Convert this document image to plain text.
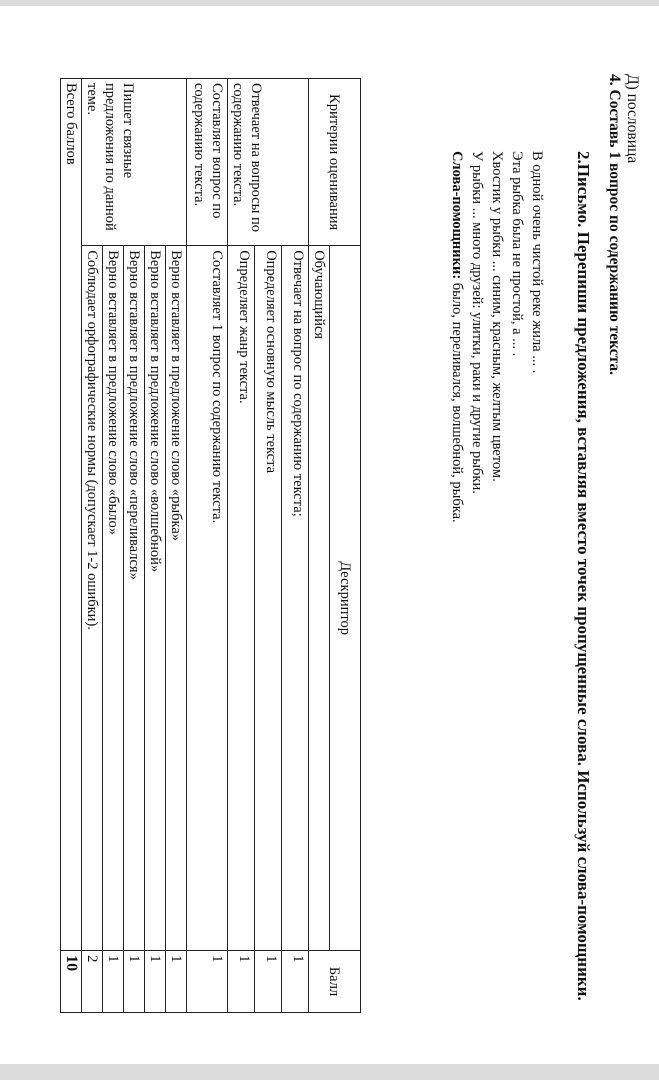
Д) пословица
4. Составь 1 вопрос по содержанию текста.
2.Письмо. Перепиши предложения, вставляя вместо точек пропущенные слова. Используй слова-помощники.
В одной очень чистой реке жила ... .
Эта рыбка была не простой, а ... .
Хвостик у рыбки ... синим, красным, желтым цветом.
У рыбки ... много друзей: улитки, раки и другие рыбки.
Слова-помощники: было, переливался, волшебной, рыбка.
Критерии оценивания	Дескриптор	Балл
	Обучающийся	
Отвечает на вопросы по содержанию текста.	Отвечает на вопрос по содержанию текста;	1
	Определяет основную мысль текста	1
	Определяет жанр текста.	1
Составляет вопрос по содержанию текста.	Составляет 1 вопрос по содержанию текста.	1
Пишет связные предложения по данной теме.	Верно вставляет в предложение слово «рыбка»	1
	Верно вставляет в предложение слово «волшебной»	1
	Верно вставляет в предложение слово «переливался»	1
	Верно вставляет в предложение слово «было»	1
	Соблюдает орфографические нормы (допускает 1-2 ошибки).	2
Всего баллов		10
